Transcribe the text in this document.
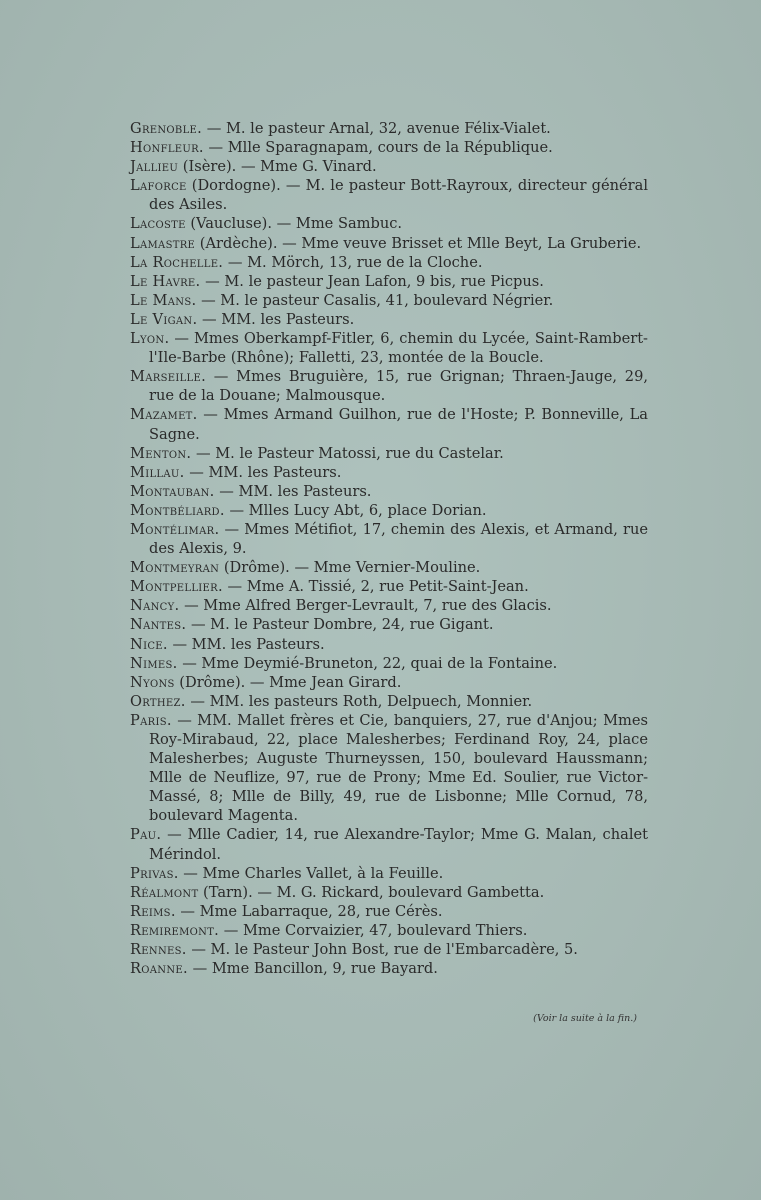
Grenoble. — M. le pasteur Arnal, 32, avenue Félix-Vialet.
Honfleur. — Mlle Sparagnapam, cours de la République.
Jallieu (Isère). — Mme G. Vinard.
Laforce (Dordogne). — M. le pasteur Bott-Rayroux, directeur général des Asiles.
Lacoste (Vaucluse). — Mme Sambuc.
Lamastre (Ardèche). — Mme veuve Brisset et Mlle Beyt, La Gruberie.
La Rochelle. — M. Mörch, 13, rue de la Cloche.
Le Havre. — M. le pasteur Jean Lafon, 9 bis, rue Picpus.
Le Mans. — M. le pasteur Casalis, 41, boulevard Négrier.
Le Vigan. — MM. les Pasteurs.
Lyon. — Mmes Oberkampf-Fitler, 6, chemin du Lycée, Saint-Rambert-l'Ile-Barbe (Rhône); Falletti, 23, montée de la Boucle.
Marseille. — Mmes Bruguière, 15, rue Grignan; Thraen-Jauge, 29, rue de la Douane; Malmousque.
Mazamet. — Mmes Armand Guilhon, rue de l'Hoste; P. Bonneville, La Sagne.
Menton. — M. le Pasteur Matossi, rue du Castelar.
Millau. — MM. les Pasteurs.
Montauban. — MM. les Pasteurs.
Montbéliard. — Mlles Lucy Abt, 6, place Dorian.
Montélimar. — Mmes Métifiot, 17, chemin des Alexis, et Armand, rue des Alexis, 9.
Montmeyran (Drôme). — Mme Vernier-Mouline.
Montpellier. — Mme A. Tissié, 2, rue Petit-Saint-Jean.
Nancy. — Mme Alfred Berger-Levrault, 7, rue des Glacis.
Nantes. — M. le Pasteur Dombre, 24, rue Gigant.
Nice. — MM. les Pasteurs.
Nimes. — Mme Deymié-Bruneton, 22, quai de la Fontaine.
Nyons (Drôme). — Mme Jean Girard.
Orthez. — MM. les pasteurs Roth, Delpuech, Monnier.
Paris. — MM. Mallet frères et Cie, banquiers, 27, rue d'Anjou; Mmes Roy-Mirabaud, 22, place Malesherbes; Ferdinand Roy, 24, place Malesherbes; Auguste Thurneyssen, 150, boulevard Haussmann; Mlle de Neuflize, 97, rue de Prony; Mme Ed. Soulier, rue Victor-Massé, 8; Mlle de Billy, 49, rue de Lisbonne; Mlle Cornud, 78, boulevard Magenta.
Pau. — Mlle Cadier, 14, rue Alexandre-Taylor; Mme G. Malan, chalet Mérindol.
Privas. — Mme Charles Vallet, à la Feuille.
Réalmont (Tarn). — M. G. Rickard, boulevard Gambetta.
Reims. — Mme Labarraque, 28, rue Cérès.
Remiremont. — Mme Corvaizier, 47, boulevard Thiers.
Rennes. — M. le Pasteur John Bost, rue de l'Embarcadère, 5.
Roanne. — Mme Bancillon, 9, rue Bayard.
(Voir la suite à la fin.)
